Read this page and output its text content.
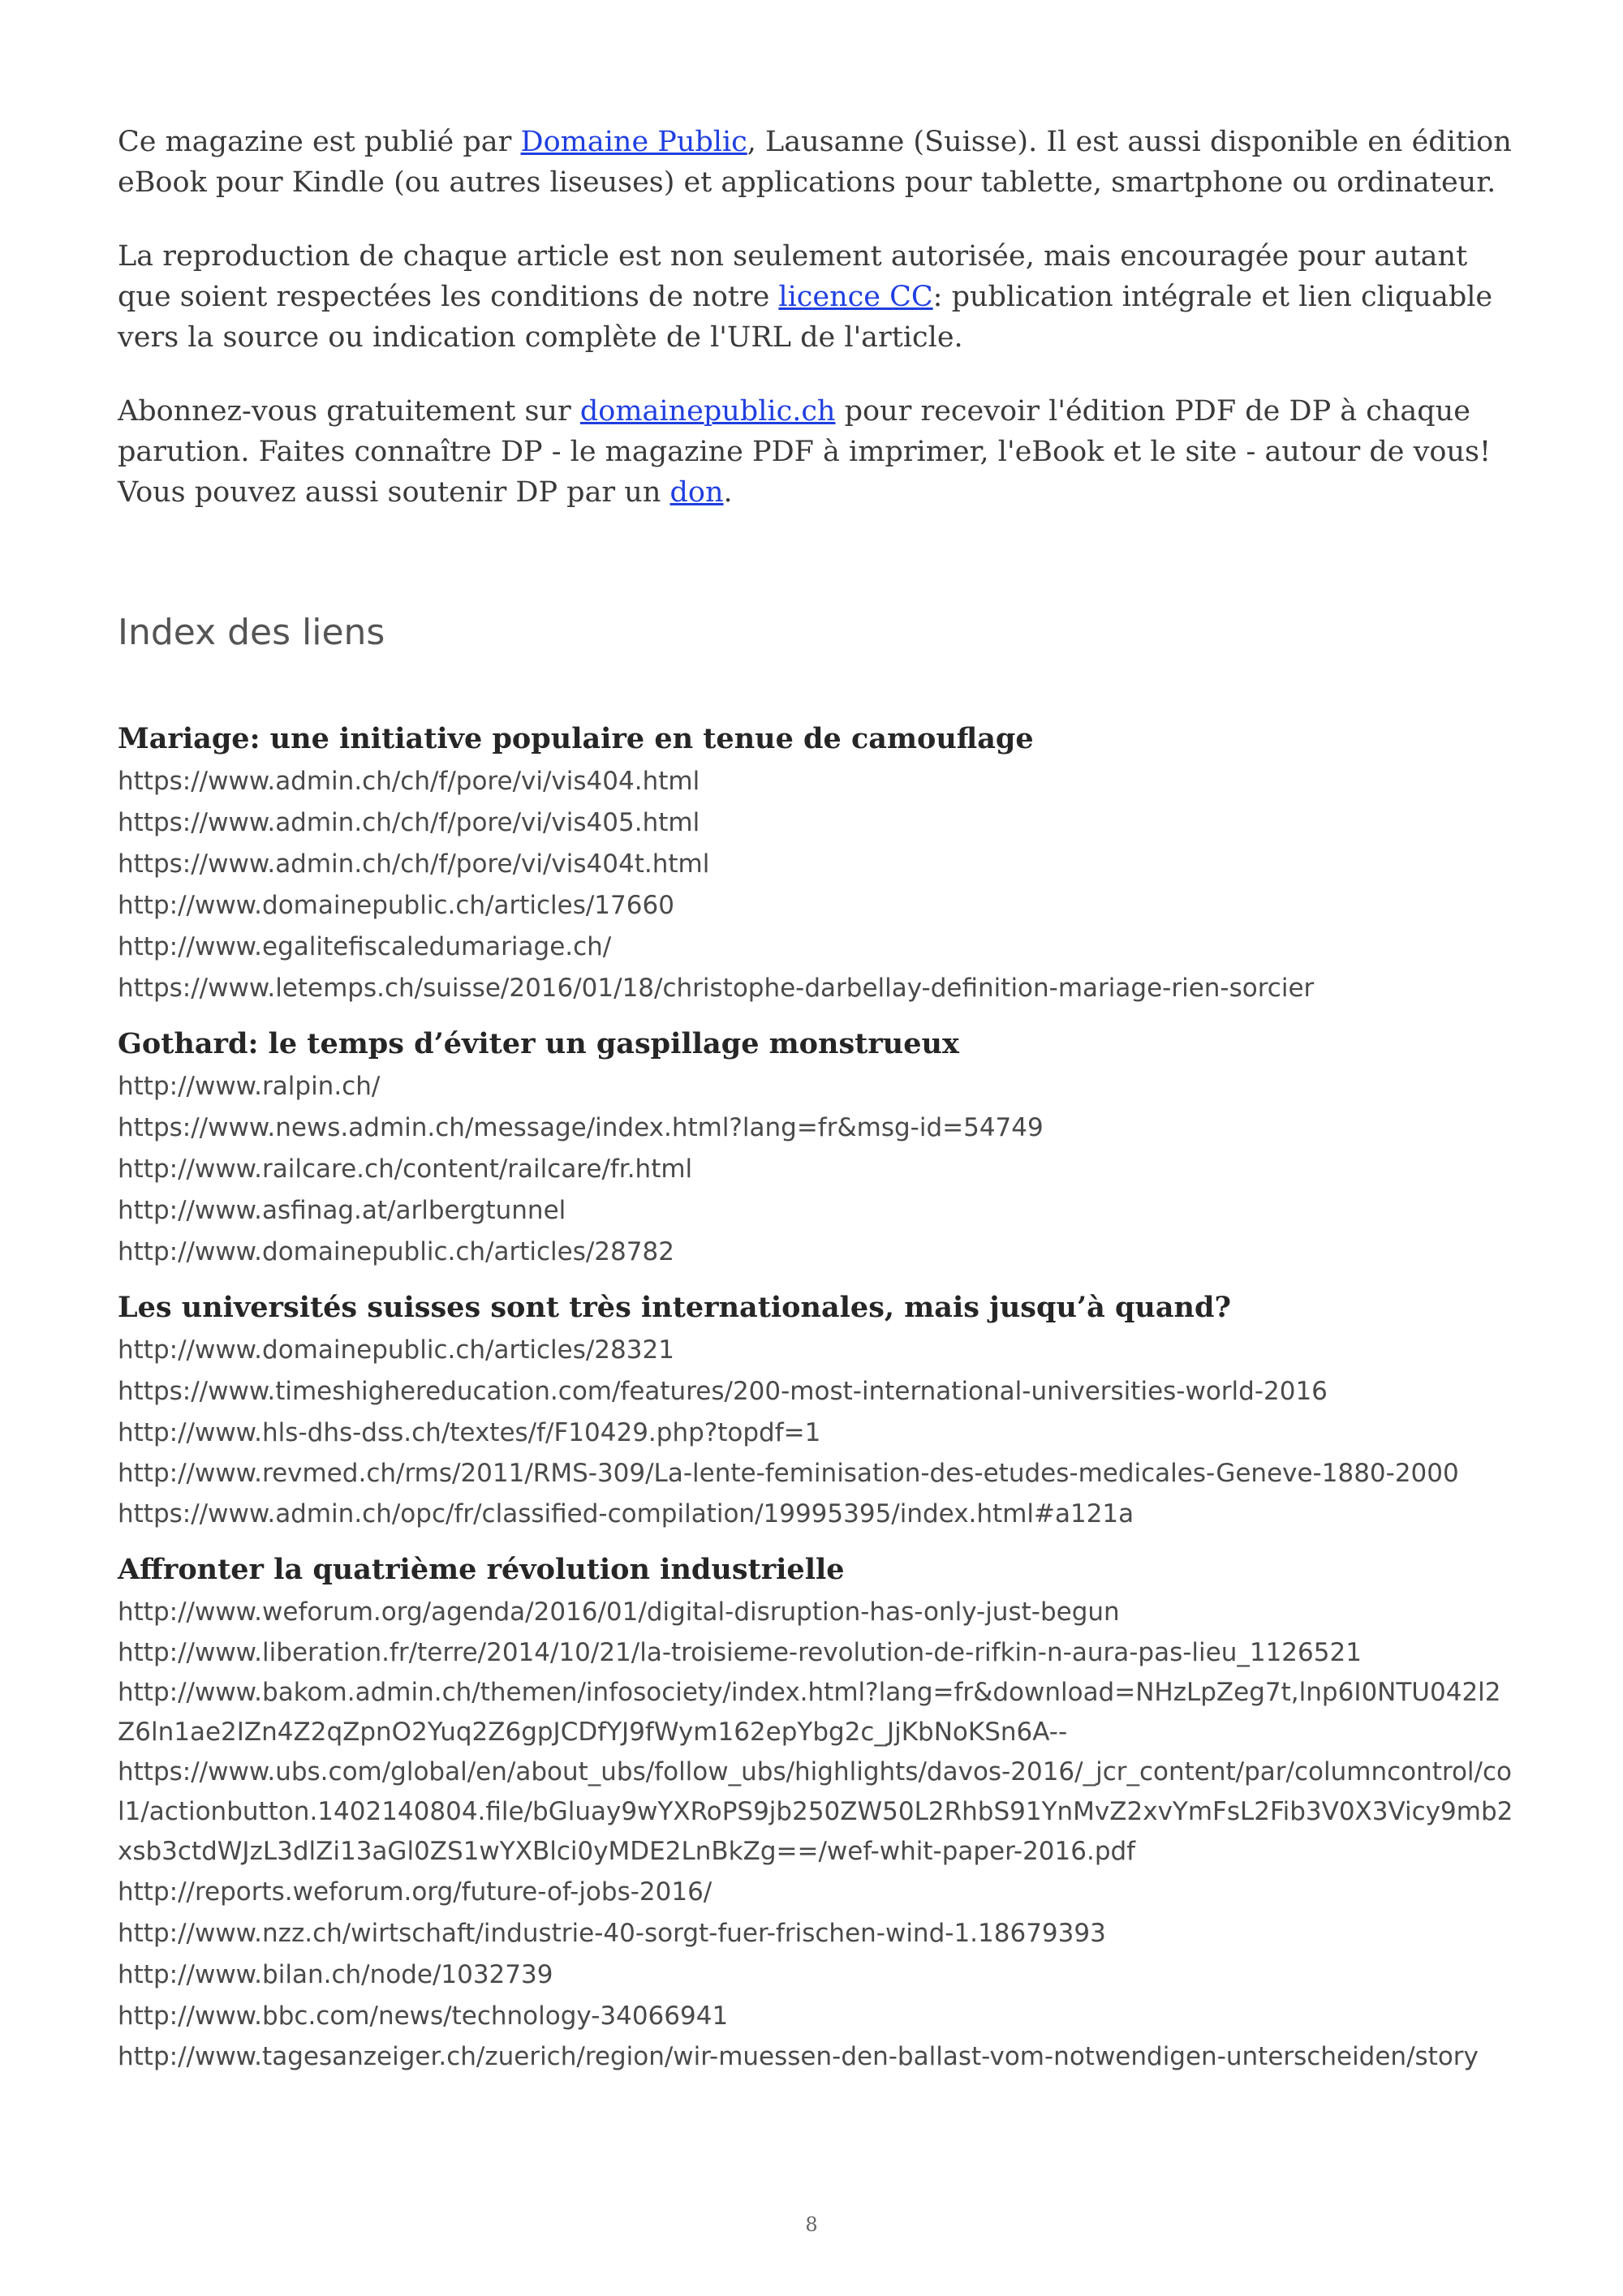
Ce magazine est publié par Domaine Public, Lausanne (Suisse). Il est aussi disponible en édition eBook pour Kindle (ou autres liseuses) et applications pour tablette, smartphone ou ordinateur.

La reproduction de chaque article est non seulement autorisée, mais encouragée pour autant que soient respectées les conditions de notre licence CC: publication intégrale et lien cliquable vers la source ou indication complète de l'URL de l'article.

Abonnez-vous gratuitement sur domainepublic.ch pour recevoir l'édition PDF de DP à chaque parution. Faites connaître DP - le magazine PDF à imprimer, l'eBook et le site - autour de vous! Vous pouvez aussi soutenir DP par un don.

Index des liens
Mariage: une initiative populaire en tenue de camouflage
https://www.admin.ch/ch/f/pore/vi/vis404.html
https://www.admin.ch/ch/f/pore/vi/vis405.html
https://www.admin.ch/ch/f/pore/vi/vis404t.html
http://www.domainepublic.ch/articles/17660
http://www.egalitefiscaledumariage.ch/
https://www.letemps.ch/suisse/2016/01/18/christophe-darbellay-definition-mariage-rien-sorcier
Gothard: le temps d’éviter un gaspillage monstrueux
http://www.ralpin.ch/
https://www.news.admin.ch/message/index.html?lang=fr&msg-id=54749
http://www.railcare.ch/content/railcare/fr.html
http://www.asfinag.at/arlbergtunnel
http://www.domainepublic.ch/articles/28782
Les universités suisses sont très internationales, mais jusqu’à quand?
http://www.domainepublic.ch/articles/28321
https://www.timeshighereducation.com/features/200-most-international-universities-world-2016
http://www.hls-dhs-dss.ch/textes/f/F10429.php?topdf=1
http://www.revmed.ch/rms/2011/RMS-309/La-lente-feminisation-des-etudes-medicales-Geneve-1880-2000
https://www.admin.ch/opc/fr/classified-compilation/19995395/index.html#a121a
Affronter la quatrième révolution industrielle
http://www.weforum.org/agenda/2016/01/digital-disruption-has-only-just-begun
http://www.liberation.fr/terre/2014/10/21/la-troisieme-revolution-de-rifkin-n-aura-pas-lieu_1126521
http://www.bakom.admin.ch/themen/infosociety/index.html?lang=fr&download=NHzLpZeg7t,lnp6I0NTU042l2Z6ln1ae2IZn4Z2qZpnO2Yuq2Z6gpJCDfYJ9fWym162epYbg2c_JjKbNoKSn6A--
https://www.ubs.com/global/en/about_ubs/follow_ubs/highlights/davos-2016/_jcr_content/par/columncontrol/col1/actionbutton.1402140804.file/bGluay9wYXRoPS9jb250ZW50L2RhbS91YnMvZ2xvYmFsL2Fib3V0X3Vicy9mb2xsb3ctdWJzL3dlZi13aGl0ZS1wYXBlci0yMDE2LnBkZg==/wef-whit-paper-2016.pdf
http://reports.weforum.org/future-of-jobs-2016/
http://www.nzz.ch/wirtschaft/industrie-40-sorgt-fuer-frischen-wind-1.18679393
http://www.bilan.ch/node/1032739
http://www.bbc.com/news/technology-34066941
http://www.tagesanzeiger.ch/zuerich/region/wir-muessen-den-ballast-vom-notwendigen-unterscheiden/story
8
